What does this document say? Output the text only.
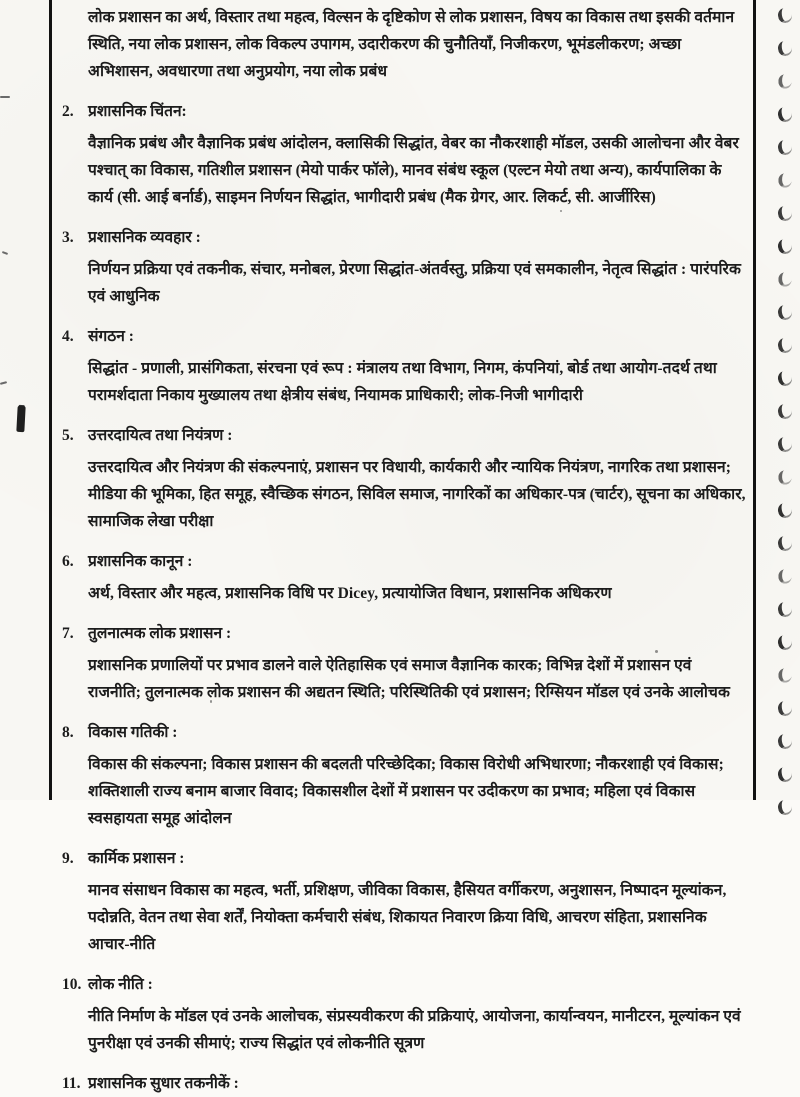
लोक प्रशासन का अर्थ, विस्तार तथा महत्व, विल्सन के दृष्टिकोण से लोक प्रशासन, विषय का विकास तथा इसकी वर्तमान स्थिति, नया लोक प्रशासन, लोक विकल्प उपागम, उदारीकरण की चुनौतियाँ, निजीकरण, भूमंडलीकरण; अच्छा अभिशासन, अवधारणा तथा अनुप्रयोग, नया लोक प्रबंध

2. प्रशासनिक चिंतन:

वैज्ञानिक प्रबंध और वैज्ञानिक प्रबंध आंदोलन, क्लासिकी सिद्धांत, वेबर का नौकरशाही मॉडल, उसकी आलोचना और वेबर पश्चात् का विकास, गतिशील प्रशासन (मेयो पार्कर फॉले), मानव संबंध स्कूल (एल्टन मेयो तथा अन्य), कार्यपालिका के कार्य (सी. आई बर्नार्ड), साइमन निर्णयन सिद्धांत, भागीदारी प्रबंध (मैक ग्रेगर, आर. लिकर्ट, सी. आर्जीरिस)

3. प्रशासनिक व्यवहार :

निर्णयन प्रक्रिया एवं तकनीक, संचार, मनोबल, प्रेरणा सिद्धांत-अंतर्वस्तु, प्रक्रिया एवं समकालीन, नेतृत्व सिद्धांत : पारंपरिक एवं आधुनिक

4. संगठन :

सिद्धांत - प्रणाली, प्रासंगिकता, संरचना एवं रूप : मंत्रालय तथा विभाग, निगम, कंपनियां, बोर्ड तथा आयोग-तदर्थ तथा परामर्शदाता निकाय मुख्यालय तथा क्षेत्रीय संबंध, नियामक प्राधिकारी; लोक-निजी भागीदारी

5. उत्तरदायित्व तथा नियंत्रण :

उत्तरदायित्व और नियंत्रण की संकल्पनाएं, प्रशासन पर विधायी, कार्यकारी और न्यायिक नियंत्रण, नागरिक तथा प्रशासन; मीडिया की भूमिका, हित समूह, स्वैच्छिक संगठन, सिविल समाज, नागरिकों का अधिकार-पत्र (चार्टर), सूचना का अधिकार, सामाजिक लेखा परीक्षा

6. प्रशासनिक कानून :

अर्थ, विस्तार और महत्व, प्रशासनिक विधि पर Dicey, प्रत्यायोजित विधान, प्रशासनिक अधिकरण

7. तुलनात्मक लोक प्रशासन :

प्रशासनिक प्रणालियों पर प्रभाव डालने वाले ऐतिहासिक एवं समाज वैज्ञानिक कारक; विभिन्न देशों में प्रशासन एवं राजनीति; तुलनात्मक लोक प्रशासन की अद्यतन स्थिति; परिस्थितिकी एवं प्रशासन; रिग्सियन मॉडल एवं उनके आलोचक

8. विकास गतिकी :

विकास की संकल्पना; विकास प्रशासन की बदलती परिच्छेदिका; विकास विरोधी अभिधारणा; नौकरशाही एवं विकास; शक्तिशाली राज्य बनाम बाजार विवाद; विकासशील देशों में प्रशासन पर उदीकरण का प्रभाव; महिला एवं विकास स्वसहायता समूह आंदोलन

9. कार्मिक प्रशासन :

मानव संसाधन विकास का महत्व, भर्ती, प्रशिक्षण, जीविका विकास, हैसियत वर्गीकरण, अनुशासन, निष्पादन मूल्यांकन, पदोन्नति, वेतन तथा सेवा शर्तें, नियोक्ता कर्मचारी संबंध, शिकायत निवारण क्रिया विधि, आचरण संहिता, प्रशासनिक आचार-नीति

10. लोक नीति :

नीति निर्माण के मॉडल एवं उनके आलोचक, संप्रस्यवीकरण की प्रक्रियाएं, आयोजना, कार्यान्वयन, मानीटरन, मूल्यांकन एवं पुनरीक्षा एवं उनकी सीमाएं; राज्य सिद्धांत एवं लोकनीति सूत्रण

11. प्रशासनिक सुधार तकनीकें :
